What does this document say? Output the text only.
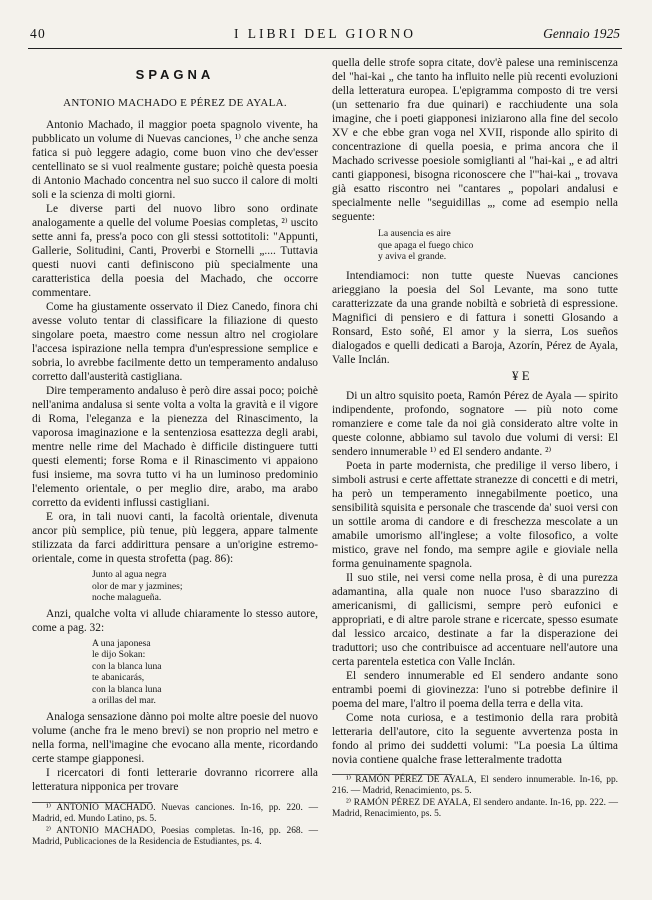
40	I LIBRI DEL GIORNO	Gennaio 1925
SPAGNA
ANTONIO MACHADO E PÉREZ DE AYALA.

Antonio Machado, il maggior poeta spagnolo vivente, ha pubblicato un volume di Nuevas canciones, ¹⁾ che anche senza fatica si può leggere adagio, come buon vino che dev'esser centellinato se si vuol realmente gustare; poichè questa poesia di Antonio Machado concentra nel suo succo il calore di molti soli e la scienza di molti giorni.

Le diverse parti del nuovo libro sono ordinate analogamente a quelle del volume Poesias completas, ²⁾ uscito sette anni fa, press'a poco con gli stessi sottotitoli: "Appunti, Gallerie, Solitudini, Canti, Proverbi e Stornelli „.... Tuttavia questi nuovi canti definiscono più specialmente una caratteristica della poesia del Machado, che occorre commentare.

Come ha giustamente osservato il Diez Canedo, finora chi avesse voluto tentar di classificare la filiazione di questo singolare poeta, maestro come nessun altro nel crogiolare l'accesa ispirazione nella tempra d'un'espressione semplice e sobria, lo avrebbe facilmente detto un temperamento andaluso corretto dall'austerità castigliana.

Dire temperamento andaluso è però dire assai poco; poichè nell'anima andalusa si sente volta a volta la gravità e il vigore di Roma, l'eleganza e la pienezza del Rinascimento, la vaporosa imaginazione e la sentenziosa esattezza degli arabi, mentre nelle rime del Machado è difficile distinguere tutti questi elementi; forse Roma e il Rinascimento vi appaiono fusi insieme, ma sovra tutto vi ha un luminoso predominio l'elemento orientale, o per meglio dire, arabo, ma arabo corretto da evidenti influssi castigliani.

E ora, in tali nuovi canti, la facoltà orientale, divenuta ancor più semplice, più tenue, più leggera, appare talmente stilizzata da farci addirittura pensare a un'origine estremo-orientale, come in questa strofetta (pag. 86):

Junto al agua negra
olor de mar y jazmines;
noche malagueña.

Anzi, qualche volta vi allude chiaramente lo stesso autore, come a pag. 32:

A una japonesa
le dijo Sokan:
con la blanca luna
te abanicarás,
con la blanca luna
a orillas del mar.

Analoga sensazione dànno poi molte altre poesie del nuovo volume (anche fra le meno brevi) se non proprio nel metro e nella forma, nell'imagine che evocano alla mente, ricordando certe stampe giapponesi.

I ricercatori di fonti letterarie dovranno ricorrere alla letteratura nipponica per trovare

¹⁾ ANTONIO MACHADO. Nuevas canciones. In-16, pp. 220. — Madrid, ed. Mundo Latino, ps. 5.

²⁾ ANTONIO MACHADO, Poesias completas. In-16, pp. 268. — Madrid, Publicaciones de la Residencia de Estudiantes, ps. 4.

quella delle strofe sopra citate, dov'è palese una reminiscenza del "hai-kai „ che tanto ha influito nelle più recenti evoluzioni della letteratura europea. L'epigramma composto di tre versi (un settenario fra due quinari) e racchiudente una sola imagine, che i poeti giapponesi iniziarono alla fine del secolo XV e che ebbe gran voga nel XVII, risponde allo spirito di concentrazione di quella poesia, e prima ancora che il Machado scrivesse poesiole somiglianti al "hai-kai „ e ad altri canti giapponesi, bisogna riconoscere che l'"hai-kai „ trovava già esatto riscontro nei "cantares „ popolari andalusi e specialmente nelle "seguidillas „, come ad esempio nella seguente:

La ausencia es aire
que apaga el fuego chico
y aviva el grande.

Intendiamoci: non tutte queste Nuevas canciones arieggiano la poesia del Sol Levante, ma sono tutte caratterizzate da una grande nobiltà e sobrietà di espressione. Magnifici di pensiero e di fattura i sonetti Glosando a Ronsard, Esto soñé, El amor y la sierra, Los sueños dialogados e quelli dedicati a Baroja, Azorín, Pérez de Ayala, Valle Inclán.

¥ E

Di un altro squisito poeta, Ramón Pérez de Ayala — spirito indipendente, profondo, sognatore — più noto come romanziere e come tale da noi già considerato altre volte in queste colonne, abbiamo sul tavolo due volumi di versi: El sendero innumerable ¹⁾ ed El sendero andante. ²⁾

Poeta in parte modernista, che predilige il verso libero, i simboli astrusi e certe affettate stranezze di concetti e di metri, ha però un temperamento innegabilmente poetico, una sensibilità squisita e personale che trascende da' suoi versi con un sottile aroma di candore e di freschezza mescolate a un amabile umorismo all'inglese; a volte filosofico, a volte mistico, grave nel fondo, ma sempre agile e gioviale nella forma genuinamente spagnola.

Il suo stile, nei versi come nella prosa, è di una purezza adamantina, alla quale non nuoce l'uso sbarazzino di americanismi, di gallicismi, sempre però eufonici e appropriati, e di altre parole strane e ricercate, spesso esumate dal lessico arcaico, destinate a far la disperazione dei traduttori; uso che contribuisce ad accentuare nell'autore una certa parentela estetica con Valle Inclán.

El sendero innumerable ed El sendero andante sono entrambi poemi di giovinezza: l'uno si potrebbe definire il poema del mare, l'altro il poema della terra e della vita.

Come nota curiosa, e a testimonio della rara probità letteraria dell'autore, cito la seguente avvertenza posta in fondo al primo dei suddetti volumi: "La poesia La última novia contiene qualche frase letteralmente tradotta

¹⁾ RAMÓN PÉREZ DE AYALA, El sendero innumerable. In-16, pp. 216. — Madrid, Renacimiento, ps. 5.

²⁾ RAMÓN PÉREZ DE AYALA, El sendero andante. In-16, pp. 222. — Madrid, Renacimiento, ps. 5.
